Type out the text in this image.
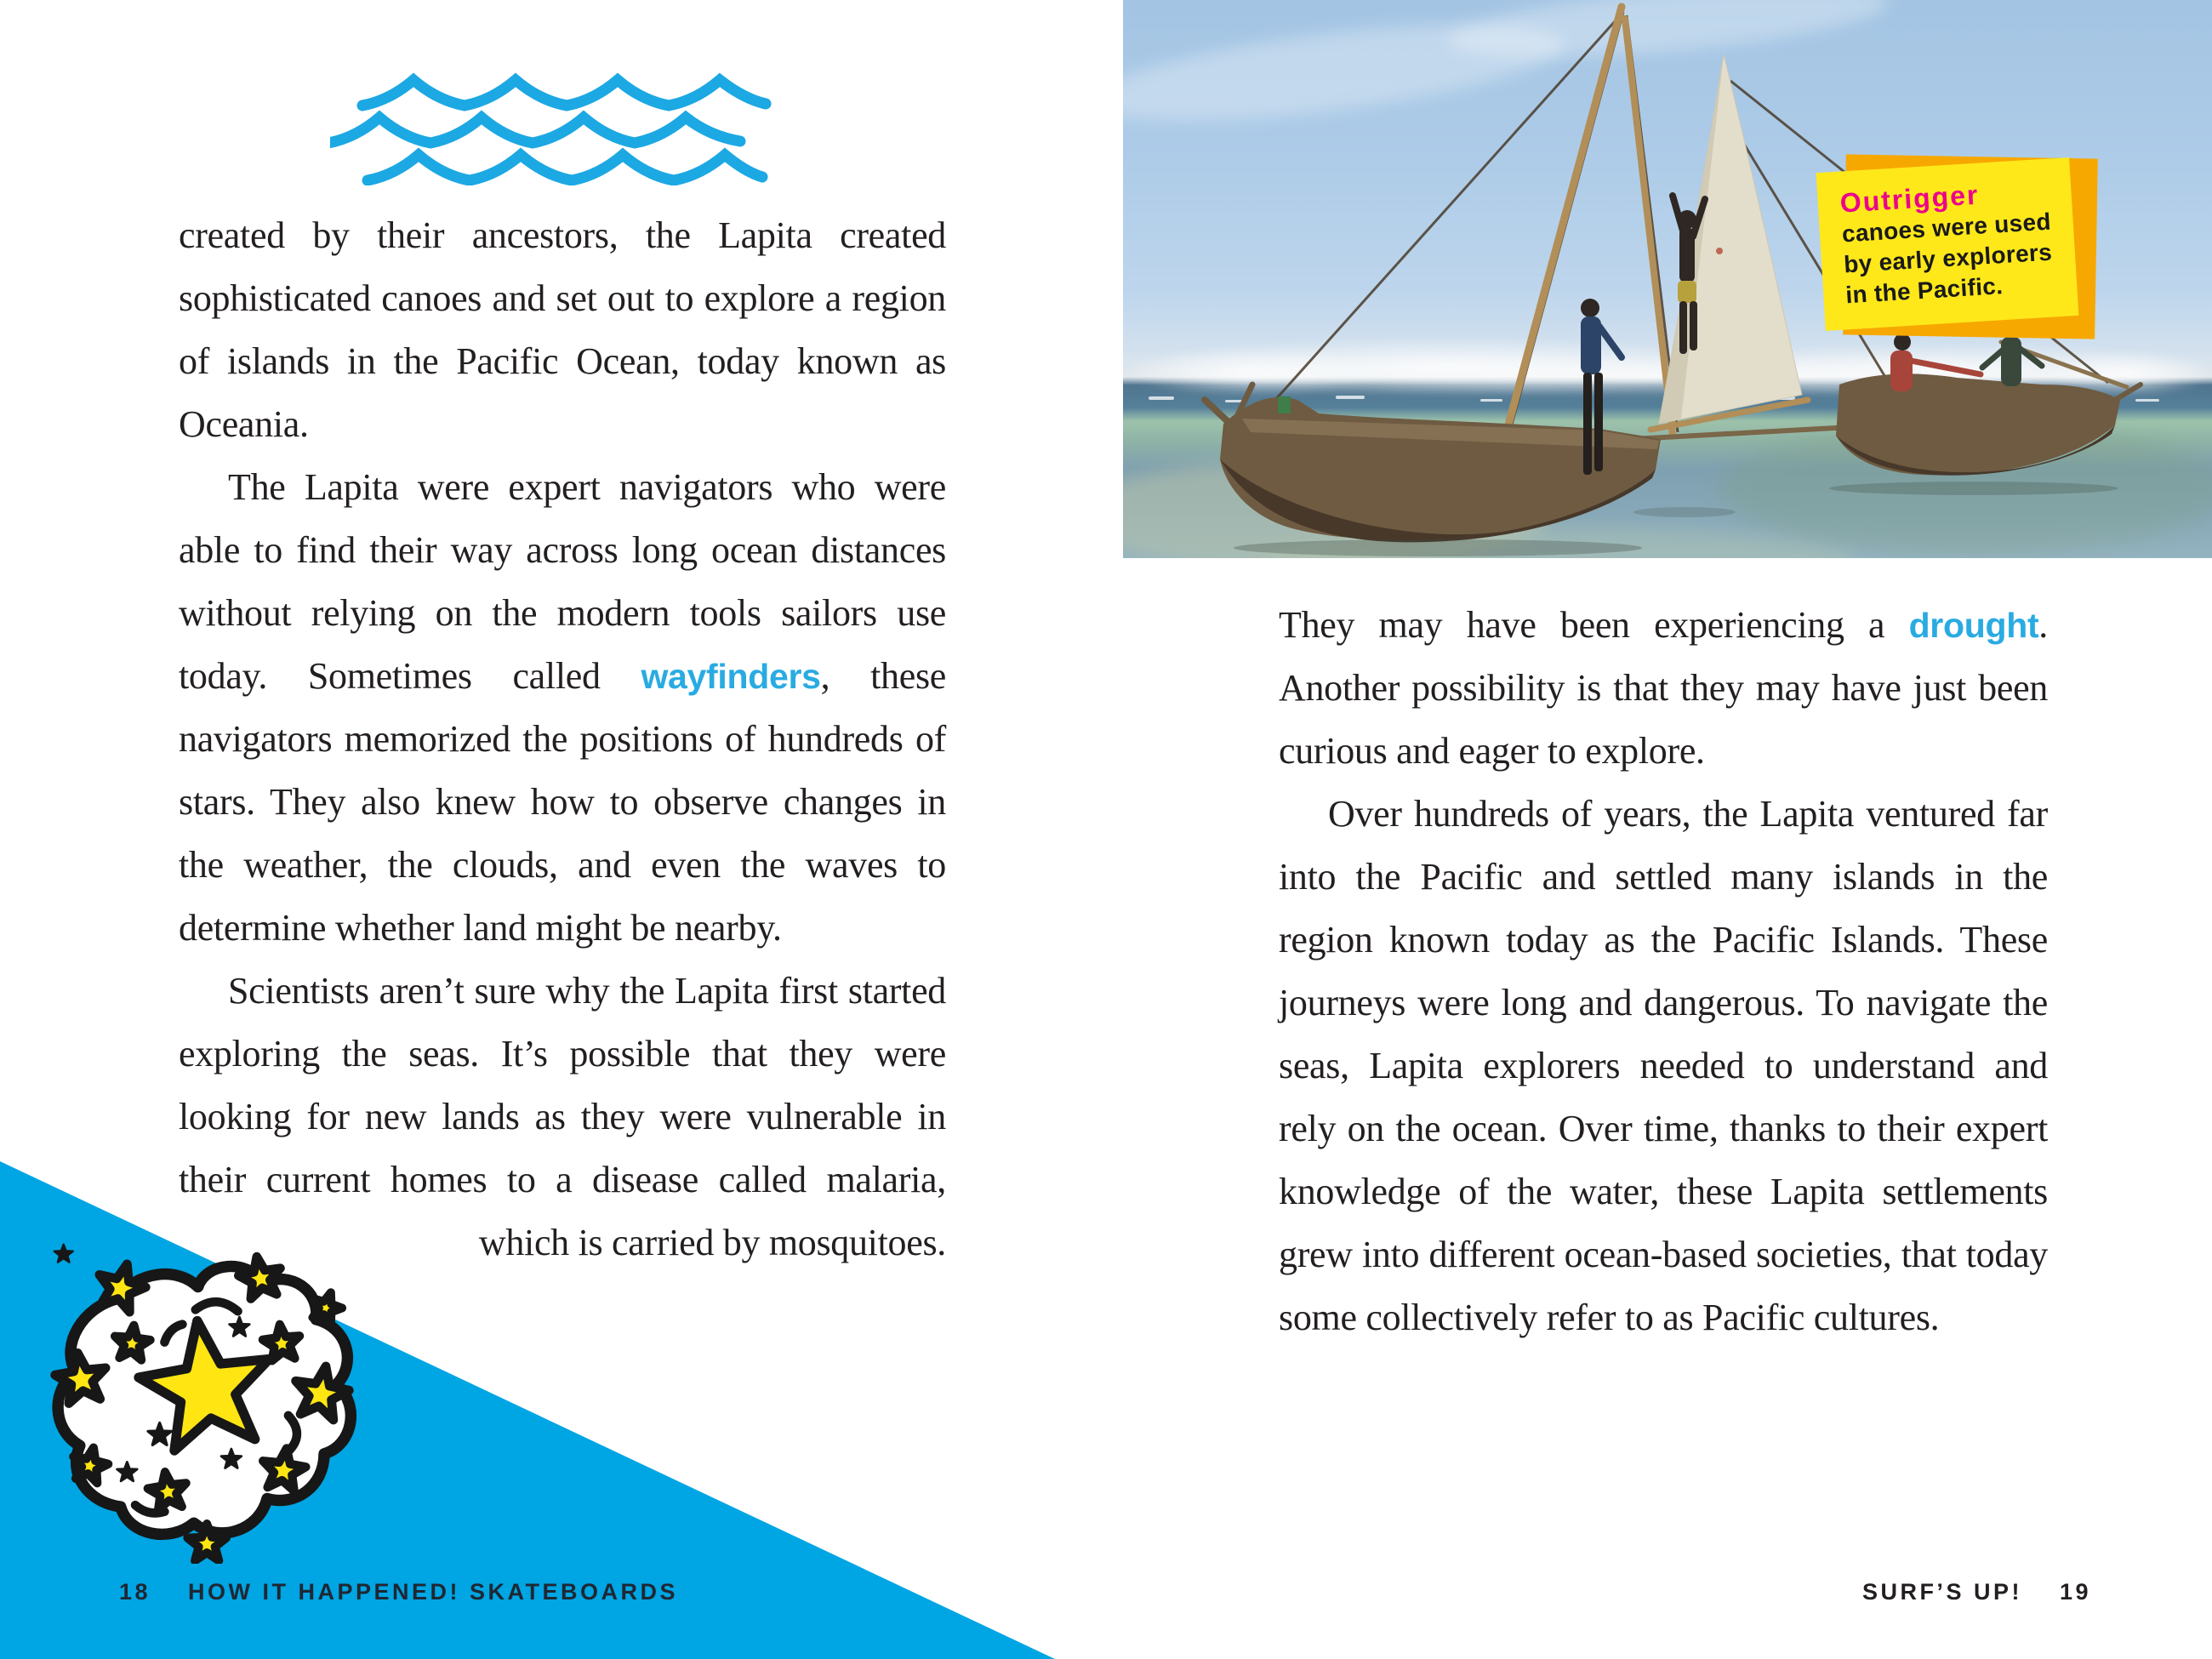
created by their ancestors, the Lapita created sophisticated canoes and set out to explore a region of islands in the Pacific Ocean, today known as Oceania.

The Lapita were expert navigators who were able to find their way across long ocean distances without relying on the modern tools sailors use today. Sometimes called wayfinders, these navigators memorized the positions of hundreds of stars. They also knew how to observe changes in the weather, the clouds, and even the waves to determine whether land might be nearby.

Scientists aren’t sure why the Lapita first started exploring the seas. It’s possible that they were looking for new lands as they were vulnerable in their current homes to a disease called malaria, which is carried by mosquitoes.

18 HOW IT HAPPENED! SKATEBOARDS
Outrigger
canoes were used by early explorers in the Pacific.

They may have been experiencing a drought. Another possibility is that they may have just been curious and eager to explore.

Over hundreds of years, the Lapita ventured far into the Pacific and settled many islands in the region known today as the Pacific Islands. These journeys were long and dangerous. To navigate the seas, Lapita explorers needed to understand and rely on the ocean. Over time, thanks to their expert knowledge of the water, these Lapita settlements grew into different ocean-based societies, that today some collectively refer to as Pacific cultures.

SURF’S UP! 19
